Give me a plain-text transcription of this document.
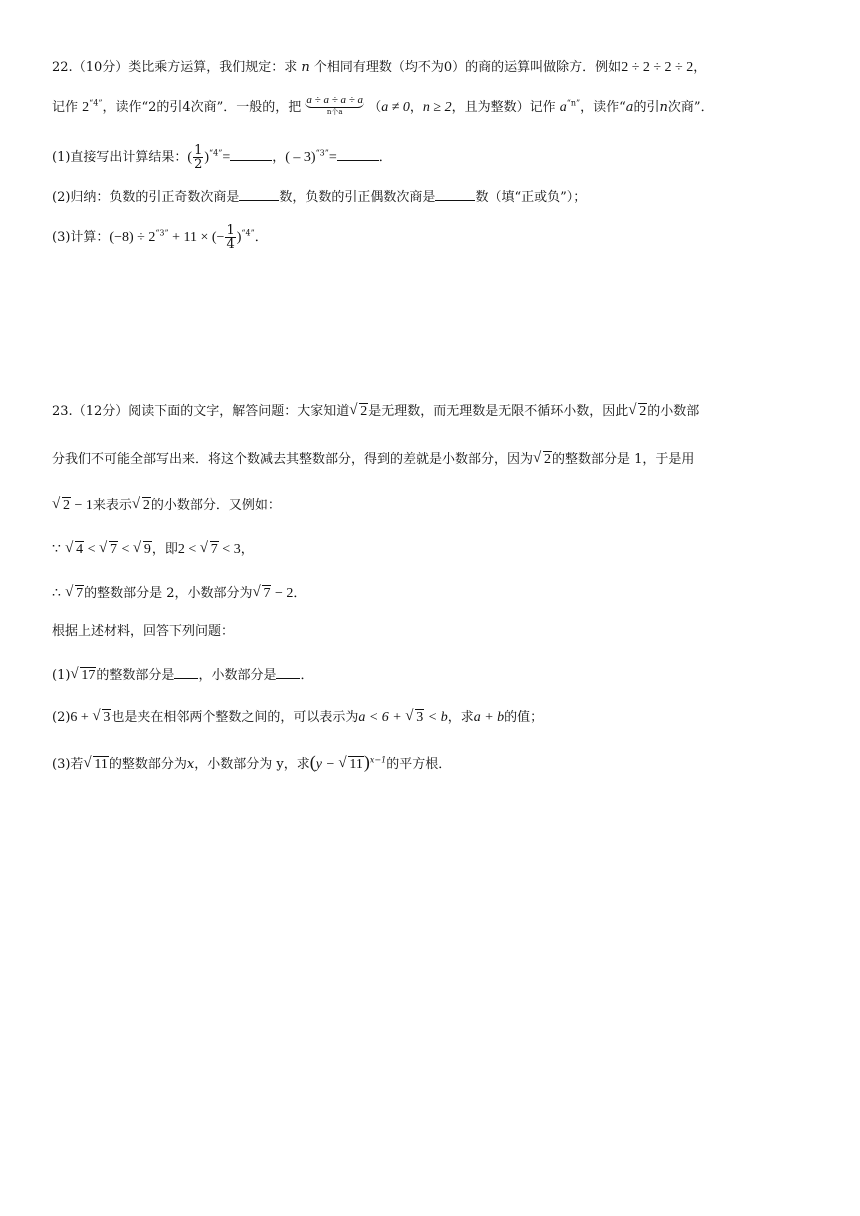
22.（10分）类比乘方运算，我们规定：求 n 个相同有理数（均不为0）的商的运算叫做除方．例如2 ÷ 2 ÷ 2 ÷ 2，
记作 $2^{“4”}$，读作“2的引4次商”．一般的，把 a ÷ a ÷ a ÷ a
n个a	（a ≠ 0，n ≥ 2，且为整数）记作 $a^{“n”}$，读作“a的引n次商”．
(1)直接写出计算结果：( $\frac{1}{2} )^{“4”}=$	，( – 3)$^{“3”}$=	．
(2)归纳：负数的引正奇数次商是	数，负数的引正偶数次商是	数（填“正或负”）；
(3)计算：$(-8) \div 2^{“3”} + 11$ × (− $\frac{1}{4} )^{“4”}$．
23.（12分）阅读下面的文字，解答问题：大家知道 √ 2是无理数，而无理数是无限不循环小数，因此 √ 2的小数部
分我们不可能全部写出来．将这个数减去其整数部分，得到的差就是小数部分，因为 √ 2的整数部分是 1，于是用
√ 2 − 1来表示 √ 2的小数部分．又例如：
∵ √ 4 < √ 7 < √ 9，即2 < √ 7 < 3，
∴ √ 7的整数部分是 2，小数部分为 √ 7 − 2．
根据上述材料，回答下列问题：
(1) √ 17的整数部分是 ，小数部分是 ．
(2)6 + √ 3也是夹在相邻两个整数之间的，可以表示为a < 6 + √ 3 < b，求a + b的值；
(3)若 √ 11的整数部分为x，小数部分为 y，求(y − √ 11)$^{x-1}$的平方根．
